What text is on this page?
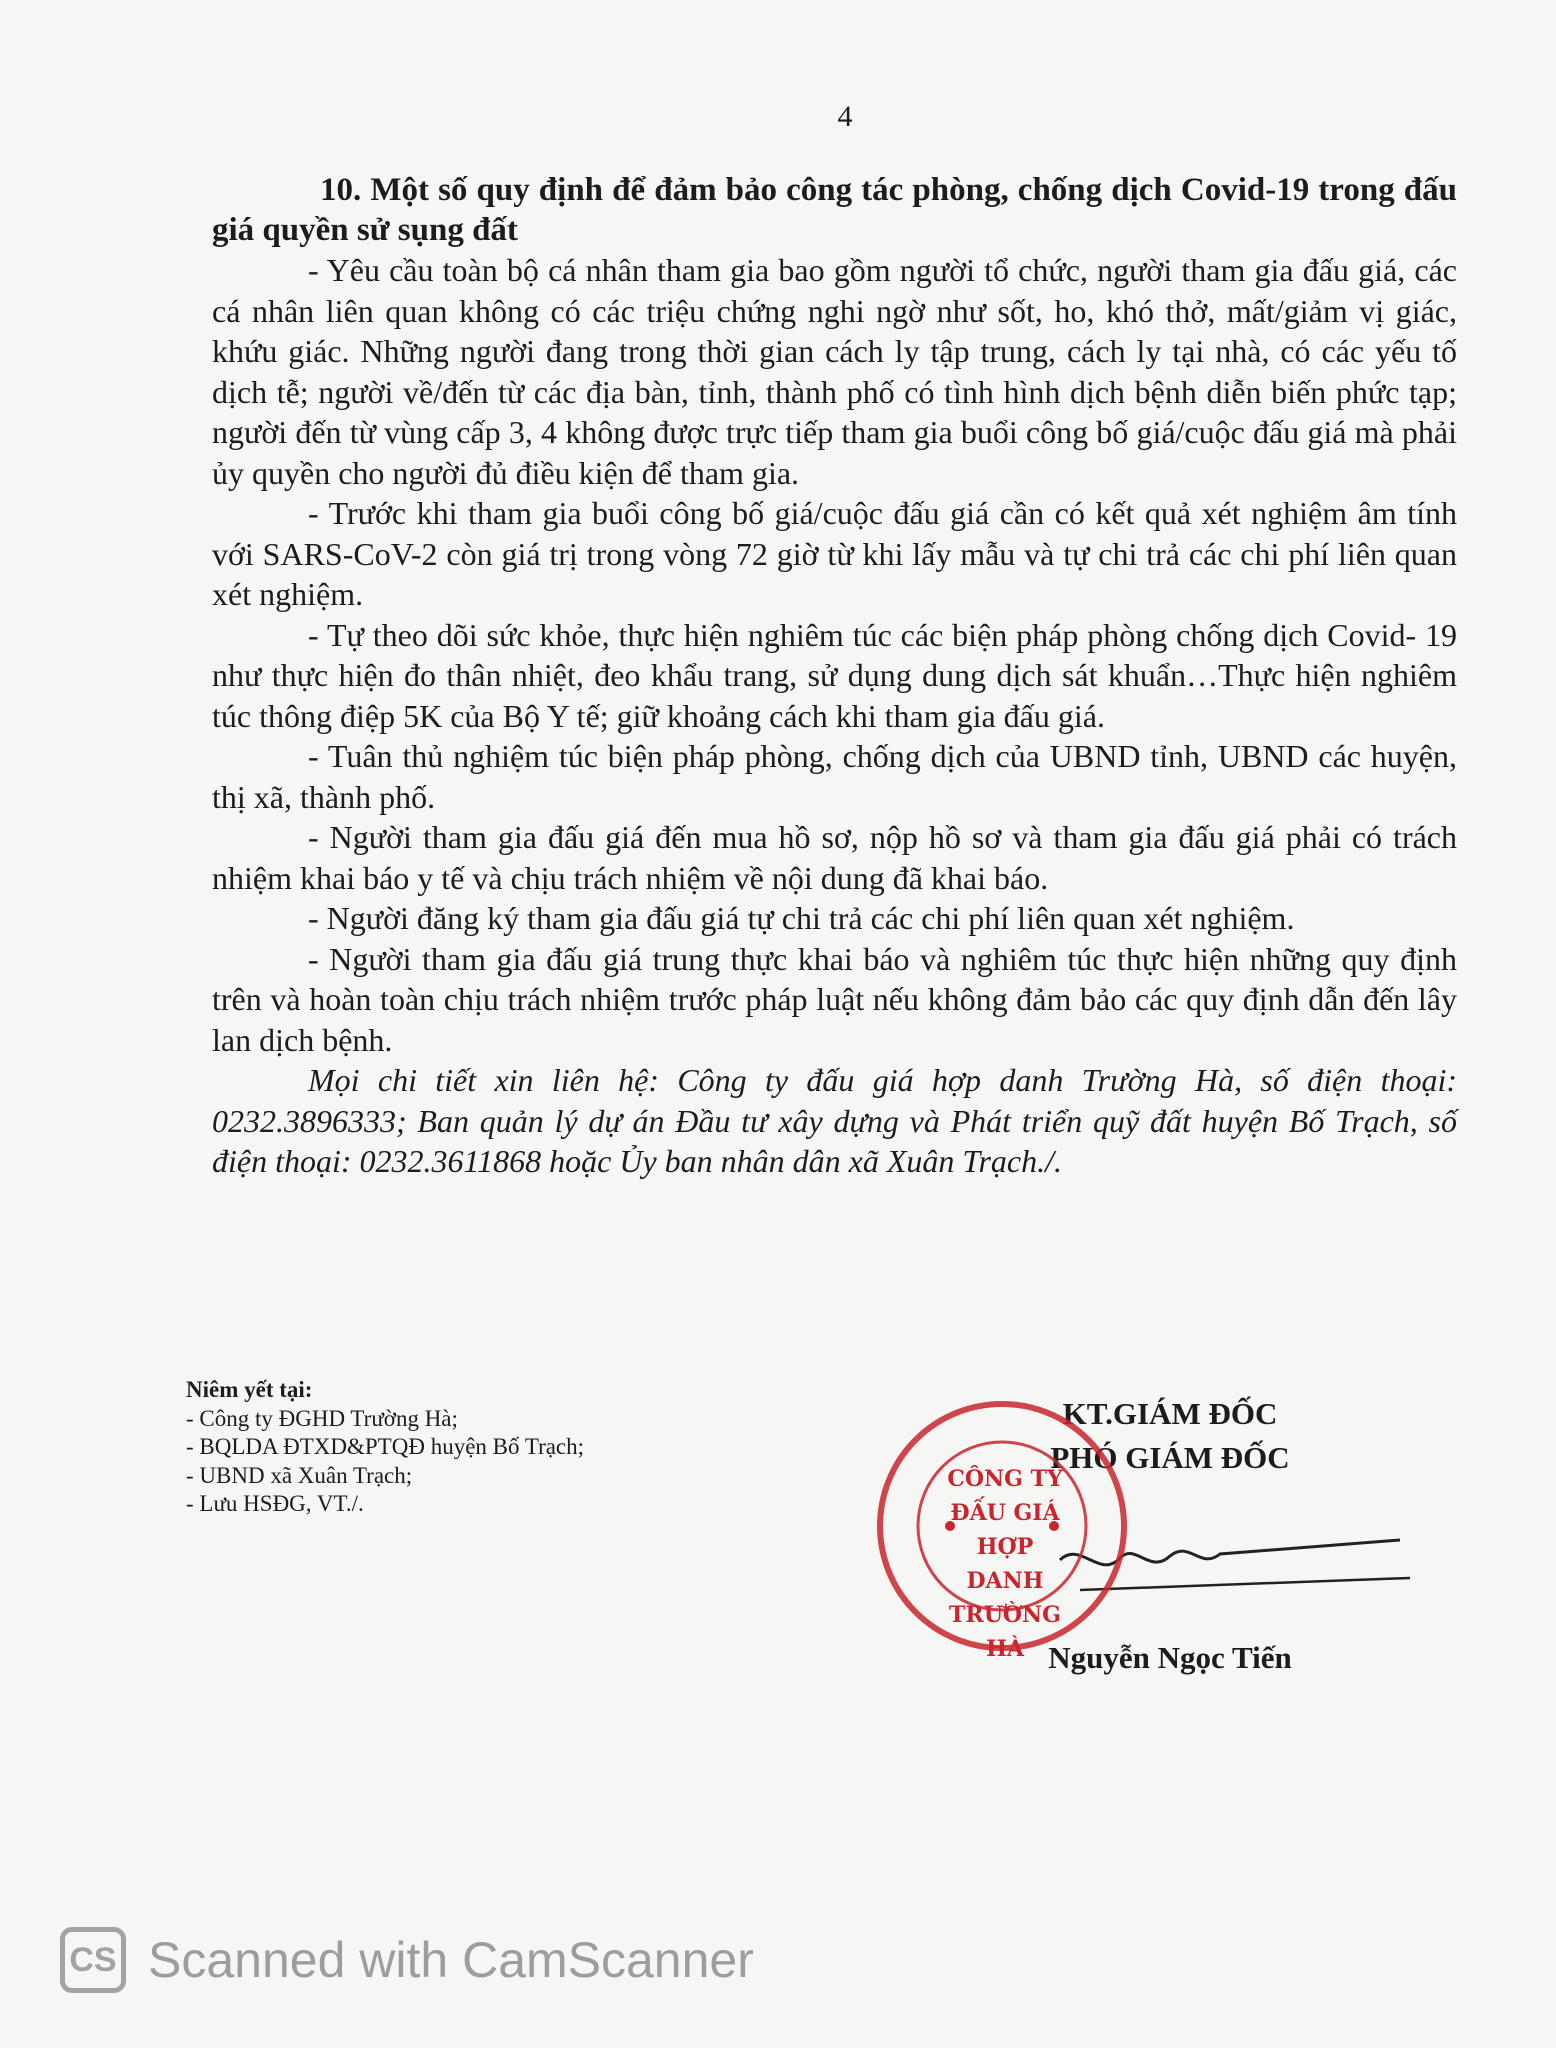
4

10. Một số quy định để đảm bảo công tác phòng, chống dịch Covid-19 trong đấu giá quyền sử sụng đất

- Yêu cầu toàn bộ cá nhân tham gia bao gồm người tổ chức, người tham gia đấu giá, các cá nhân liên quan không có các triệu chứng nghi ngờ như sốt, ho, khó thở, mất/giảm vị giác, khứu giác. Những người đang trong thời gian cách ly tập trung, cách ly tại nhà, có các yếu tố dịch tễ; người về/đến từ các địa bàn, tỉnh, thành phố có tình hình dịch bệnh diễn biến phức tạp; người đến từ vùng cấp 3, 4 không được trực tiếp tham gia buổi công bố giá/cuộc đấu giá mà phải ủy quyền cho người đủ điều kiện để tham gia.

- Trước khi tham gia buổi công bố giá/cuộc đấu giá cần có kết quả xét nghiệm âm tính với SARS-CoV-2 còn giá trị trong vòng 72 giờ từ khi lấy mẫu và tự chi trả các chi phí liên quan xét nghiệm.

- Tự theo dõi sức khỏe, thực hiện nghiêm túc các biện pháp phòng chống dịch Covid- 19 như thực hiện đo thân nhiệt, đeo khẩu trang, sử dụng dung dịch sát khuẩn…Thực hiện nghiêm túc thông điệp 5K của Bộ Y tế; giữ khoảng cách khi tham gia đấu giá.

- Tuân thủ nghiệm túc biện pháp phòng, chống dịch của UBND tỉnh, UBND các huyện, thị xã, thành phố.

- Người tham gia đấu giá đến mua hồ sơ, nộp hồ sơ và tham gia đấu giá phải có trách nhiệm khai báo y tế và chịu trách nhiệm về nội dung đã khai báo.

- Người đăng ký tham gia đấu giá tự chi trả các chi phí liên quan xét nghiệm.

- Người tham gia đấu giá trung thực khai báo và nghiêm túc thực hiện những quy định trên và hoàn toàn chịu trách nhiệm trước pháp luật nếu không đảm bảo các quy định dẫn đến lây lan dịch bệnh.

Mọi chi tiết xin liên hệ: Công ty đấu giá hợp danh Trường Hà, số điện thoại: 0232.3896333; Ban quản lý dự án Đầu tư xây dựng và Phát triển quỹ đất huyện Bố Trạch, số điện thoại: 0232.3611868 hoặc Ủy ban nhân dân xã Xuân Trạch./.

Niêm yết tại:
- Công ty ĐGHD Trường Hà;
- BQLDA ĐTXD&PTQĐ huyện Bố Trạch;
- UBND xã Xuân Trạch;
- Lưu HSĐG, VT./.
KT.GIÁM ĐỐC
PHÓ GIÁM ĐỐC
CÔNG TY
ĐẤU GIÁ
HỢP DANH
TRƯỜNG HÀ Nguyễn Ngọc Tiến
CS Scanned with CamScanner
